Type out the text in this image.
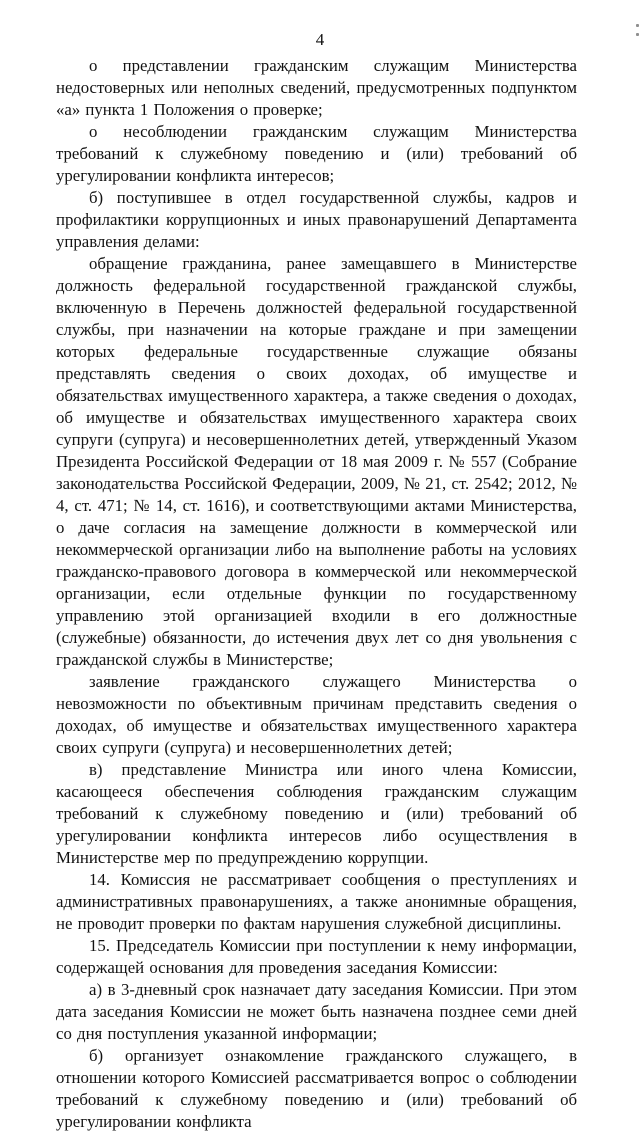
4

о представлении гражданским служащим Министерства недостоверных или неполных сведений, предусмотренных подпунктом «а» пункта 1 Положения о проверке;

о несоблюдении гражданским служащим Министерства требований к служебному поведению и (или) требований об урегулировании конфликта интересов;

б) поступившее в отдел государственной службы, кадров и профилактики коррупционных и иных правонарушений Департамента управления делами:

обращение гражданина, ранее замещавшего в Министерстве должность федеральной государственной гражданской службы, включенную в Перечень должностей федеральной государственной службы, при назначении на которые граждане и при замещении которых федеральные государственные служащие обязаны представлять сведения о своих доходах, об имуществе и обязательствах имущественного характера, а также сведения о доходах, об имуществе и обязательствах имущественного характера своих супруги (супруга) и несовершеннолетних детей, утвержденный Указом Президента Российской Федерации от 18 мая 2009 г. № 557 (Собрание законодательства Российской Федерации, 2009, № 21, ст. 2542; 2012, № 4, ст. 471; № 14, ст. 1616), и соответствующими актами Министерства, о даче согласия на замещение должности в коммерческой или некоммерческой организации либо на выполнение работы на условиях гражданско-правового договора в коммерческой или некоммерческой организации, если отдельные функции по государственному управлению этой организацией входили в его должностные (служебные) обязанности, до истечения двух лет со дня увольнения с гражданской службы в Министерстве;

заявление гражданского служащего Министерства о невозможности по объективным причинам представить сведения о доходах, об имуществе и обязательствах имущественного характера своих супруги (супруга) и несовершеннолетних детей;

в) представление Министра или иного члена Комиссии, касающееся обеспечения соблюдения гражданским служащим требований к служебному поведению и (или) требований об урегулировании конфликта интересов либо осуществления в Министерстве мер по предупреждению коррупции.

14. Комиссия не рассматривает сообщения о преступлениях и административных правонарушениях, а также анонимные обращения, не проводит проверки по фактам нарушения служебной дисциплины.

15. Председатель Комиссии при поступлении к нему информации, содержащей основания для проведения заседания Комиссии:

а) в 3-дневный срок назначает дату заседания Комиссии. При этом дата заседания Комиссии не может быть назначена позднее семи дней со дня поступления указанной информации;

б) организует ознакомление гражданского служащего, в отношении которого Комиссией рассматривается вопрос о соблюдении требований к служебному поведению и (или) требований об урегулировании конфликта
